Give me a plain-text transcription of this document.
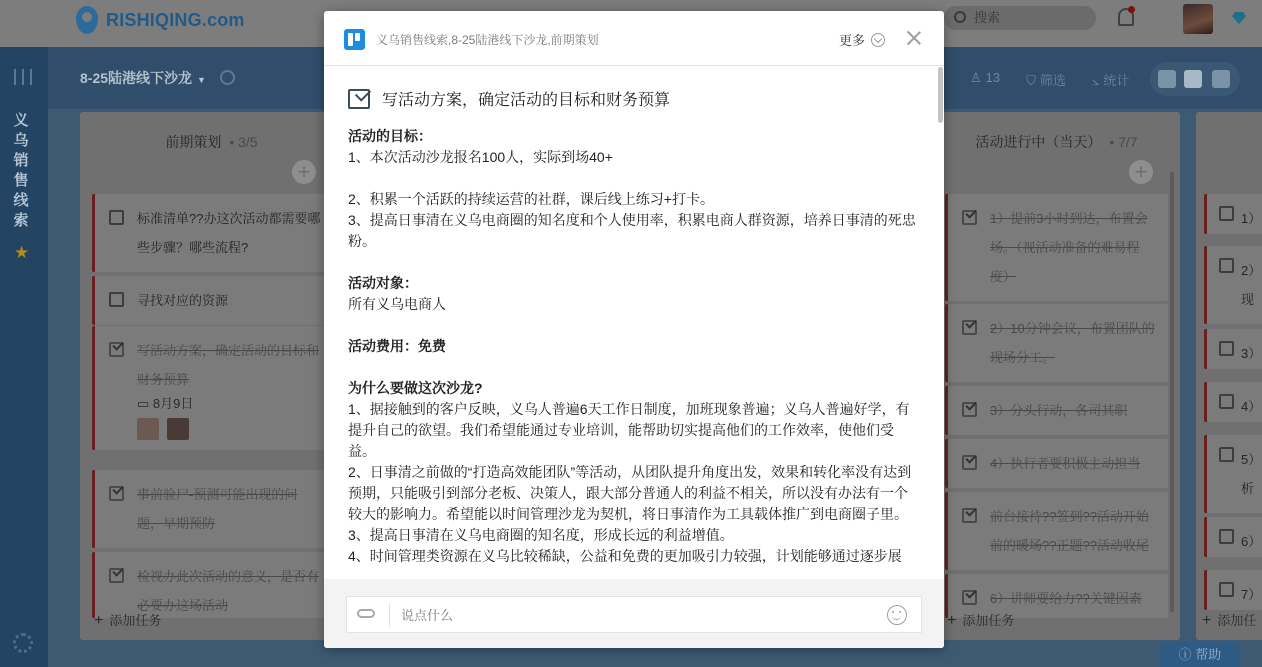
RISHIQING.com	搜索
义
乌
销
售
线
索
★
8-25陆港线下沙龙 ▼	♙ 13 ⛉ 筛选 ⦣ 统计
前期策划 • 3/5
+
标准清单??办这次活动都需要哪些步骤？哪些流程?
寻找对应的资源
写活动方案，确定活动的目标和财务预算
▭ 8月9日
事前验尸-预测可能出现的问题，早期预防
检视办此次活动的意义，是否有必要办这场活动
+ 添加任务
活动进行中（当天） • 7/7
+
1）提前3小时到达，布置会场。（视活动准备的难易程度）
2）10分钟会议，布置团队的现场分工。
3）分头行动，各司其职
4）执行者要积极主动担当
前台接待??签到??活动开始前的暖场??正题??活动收尾
6）讲师要给力??关键因素
+ 添加任务
1）
2）
现
3）
4）
5）
析
6）
7）
+ 添加任
ⓘ 帮助
义乌销售线索,8-25陆港线下沙龙,前期策划	更多
写活动方案，确定活动的目标和财务预算
活动的目标：
1、本次活动沙龙报名100人，实际到场40+
2、积累一个活跃的持续运营的社群，课后线上练习+打卡。
3、提高日事清在义乌电商圈的知名度和个人使用率，积累电商人群资源，培养日事清的死忠粉。
活动对象：
所有义乌电商人
活动费用：免费
为什么要做这次沙龙?
1、据接触到的客户反映，义乌人普遍6天工作日制度，加班现象普遍；义乌人普遍好学，有提升自己的欲望。我们希望能通过专业培训，能帮助切实提高他们的工作效率，使他们受益。
2、日事清之前做的“打造高效能团队”等活动，从团队提升角度出发，效果和转化率没有达到预期，只能吸引到部分老板、决策人，跟大部分普通人的利益不相关，所以没有办法有一个较大的影响力。希望能以时间管理沙龙为契机，将日事清作为工具载体推广到电商圈子里。
3、提高日事清在义乌电商圈的知名度，形成长远的利益增值。
4、时间管理类资源在义乌比较稀缺，公益和免费的更加吸引力较强，计划能够通过逐步展
说点什么
